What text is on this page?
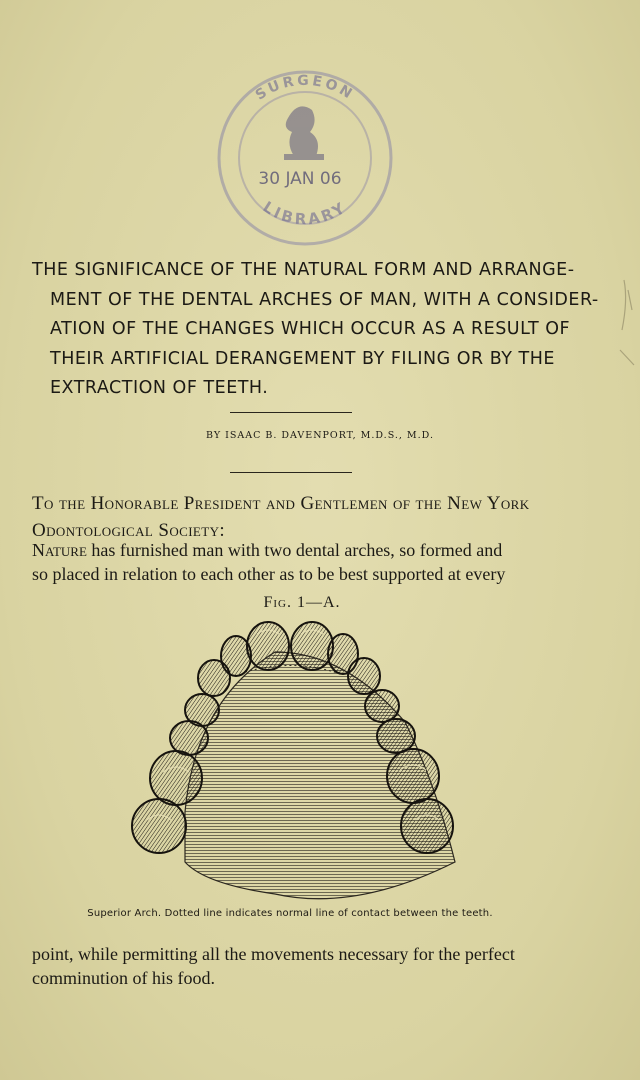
SURGEON
LIBRARY
30 JAN 06
THE SIGNIFICANCE OF THE NATURAL FORM AND ARRANGE-
MENT OF THE DENTAL ARCHES OF MAN, WITH A CONSIDER-
ATION OF THE CHANGES WHICH OCCUR AS A RESULT OF
THEIR ARTIFICIAL DERANGEMENT BY FILING OR BY THE
EXTRACTION OF TEETH.
BY ISAAC B. DAVENPORT, M.D.S., M.D.
To the Honorable President and Gentlemen of the New York
Odontological Society:
Nature has furnished man with two dental arches, so formed and
so placed in relation to each other as to be best supported at every
Fig. 1—A.
Superior Arch. Dotted line indicates normal line of contact between the teeth.
point, while permitting all the movements necessary for the perfect
comminution of his food.
